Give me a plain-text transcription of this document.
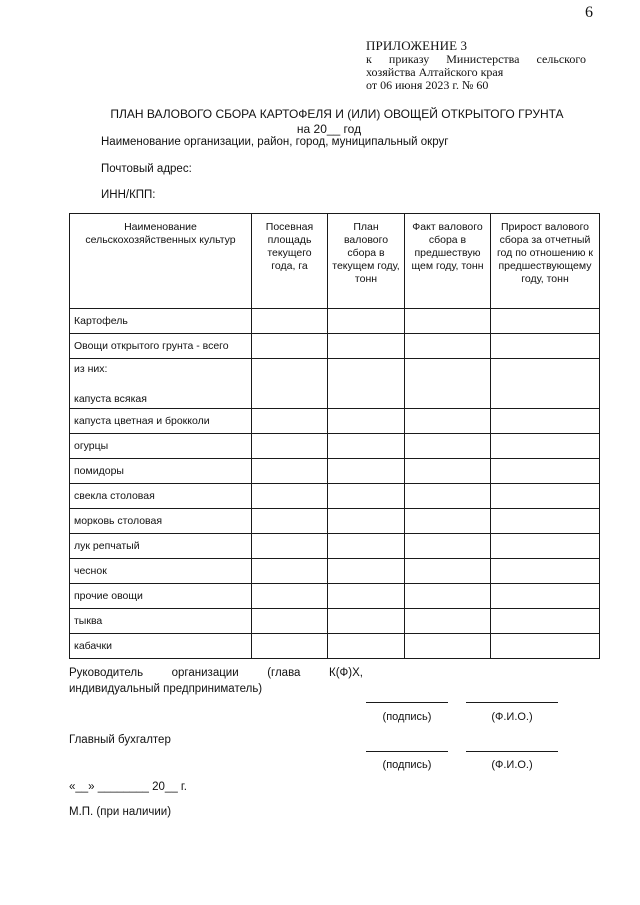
6
ПРИЛОЖЕНИЕ 3
к приказу Министерства сельского
хозяйства Алтайского края
от 06 июня 2023 г. № 60
ПЛАН ВАЛОВОГО СБОРА КАРТОФЕЛЯ И (ИЛИ) ОВОЩЕЙ ОТКРЫТОГО ГРУНТА
на 20__ год
Наименование организации, район, город, муниципальный округ
Почтовый адрес:
ИНН/КПП:
Наименование сельскохозяйственных культур	Посевная площадь текущего года, га	План валового сбора в текущем году, тонн	Факт валового сбора в предшествую щем году, тонн	Прирост валового сбора за отчетный год по отношению к предшествующему году, тонн
Картофель				
Овощи открытого грунта - всего				

из них:
капуста всякая				

капуста цветная и брокколи				
огурцы				
помидоры				
свекла столовая				
морковь столовая				
лук репчатый				
чеснок				
прочие овощи				
тыква				
кабачки				
Руководитель организации (глава К(Ф)Х,
индивидуальный предприниматель)
(подпись)	(Ф.И.О.)
Главный бухгалтер
(подпись)	(Ф.И.О.)
«__» ________ 20__ г.
М.П. (при наличии)
